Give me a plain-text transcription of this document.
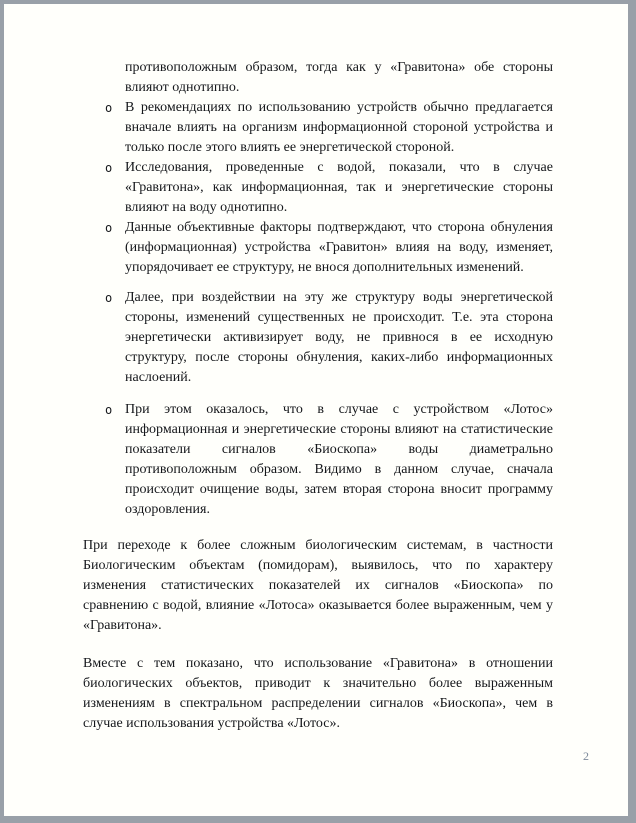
противоположным образом, тогда как у «Гравитона» обе стороны влияют однотипно.

o В рекомендациях по использованию устройств обычно предлагается вначале влиять на организм информационной стороной устройства и только после этого влиять ее энергетической стороной.
o Исследования, проведенные с водой, показали, что в случае «Гравитона», как информационная, так и энергетические стороны влияют на воду однотипно.
o Данные объективные факторы подтверждают, что сторона обнуления (информационная) устройства «Гравитон» влияя на воду, изменяет, упорядочивает ее структуру, не внося дополнительных изменений.
o Далее, при воздействии на эту же структуру воды энергетической стороны, изменений существенных не происходит. Т.е. эта сторона энергетически активизирует воду, не привнося в ее исходную структуру, после стороны обнуления, каких-либо информационных наслоений.
o При этом оказалось, что в случае с устройством «Лотос» информационная и энергетические стороны влияют на статистические показатели сигналов «Биоскопа» воды диаметрально противоположным образом. Видимо в данном случае, сначала происходит очищение воды, затем вторая сторона вносит программу оздоровления.

При переходе к более сложным биологическим системам, в частности Биологическим объектам (помидорам), выявилось, что по характеру изменения статистических показателей их сигналов «Биоскопа» по сравнению с водой, влияние «Лотоса» оказывается более выраженным, чем у «Гравитона».

Вместе с тем показано, что использование «Гравитона» в отношении биологических объектов, приводит к значительно более выраженным изменениям в спектральном распределении сигналов «Биоскопа», чем в случае использования устройства «Лотос».

2
